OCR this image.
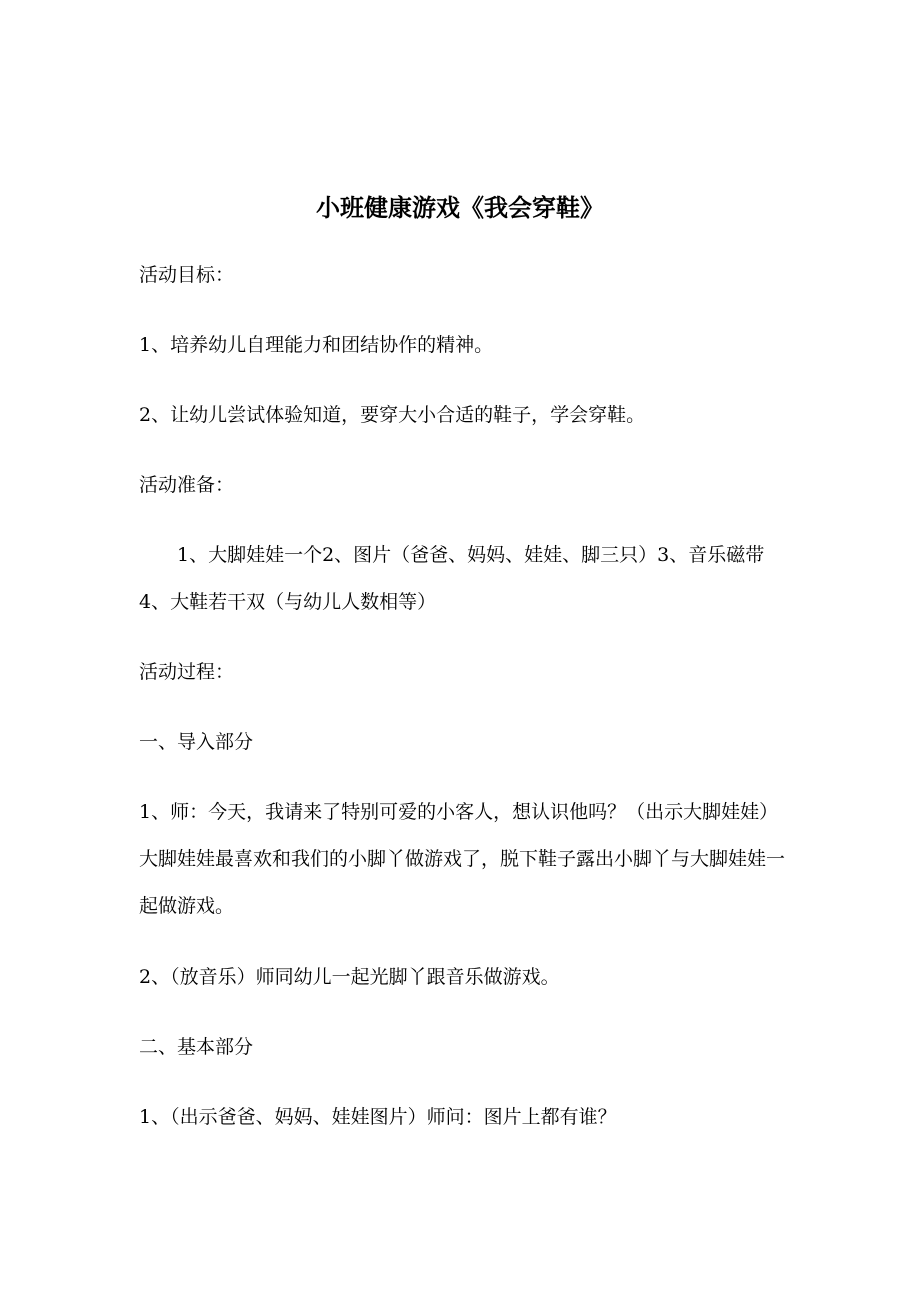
小班健康游戏《我会穿鞋》

活动目标：

1、培养幼儿自理能力和团结协作的精神。

2、让幼儿尝试体验知道，要穿大小合适的鞋子，学会穿鞋。

活动准备：

1、大脚娃娃一个2、图片（爸爸、妈妈、娃娃、脚三只）3、音乐磁带4、大鞋若干双（与幼儿人数相等）

活动过程：

一、导入部分

1、师：今天，我请来了特别可爱的小客人，想认识他吗？（出示大脚娃娃）大脚娃娃最喜欢和我们的小脚丫做游戏了，脱下鞋子露出小脚丫与大脚娃娃一起做游戏。

2、（放音乐）师同幼儿一起光脚丫跟音乐做游戏。

二、基本部分

1、（出示爸爸、妈妈、娃娃图片）师问：图片上都有谁？
